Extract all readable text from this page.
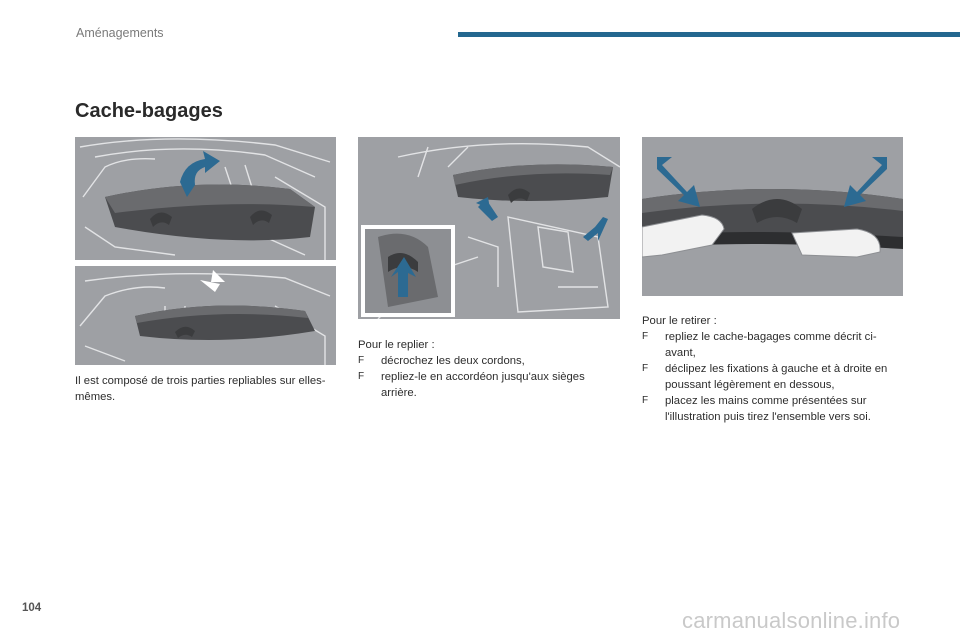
Aménagements
Cache-bagages

Il est composé de trois parties repliables sur elles-mêmes.

Pour le replier :

F	décrochez les deux cordons,
F	repliez-le en accordéon jusqu'aux sièges arrière.

Pour le retirer :

F	repliez le cache-bagages comme décrit ci-avant,
F	déclipez les fixations à gauche et à droite en poussant légèrement en dessous,
F	placez les mains comme présentées sur l'illustration puis tirez l'ensemble vers soi.
104	carmanualsonline.info
